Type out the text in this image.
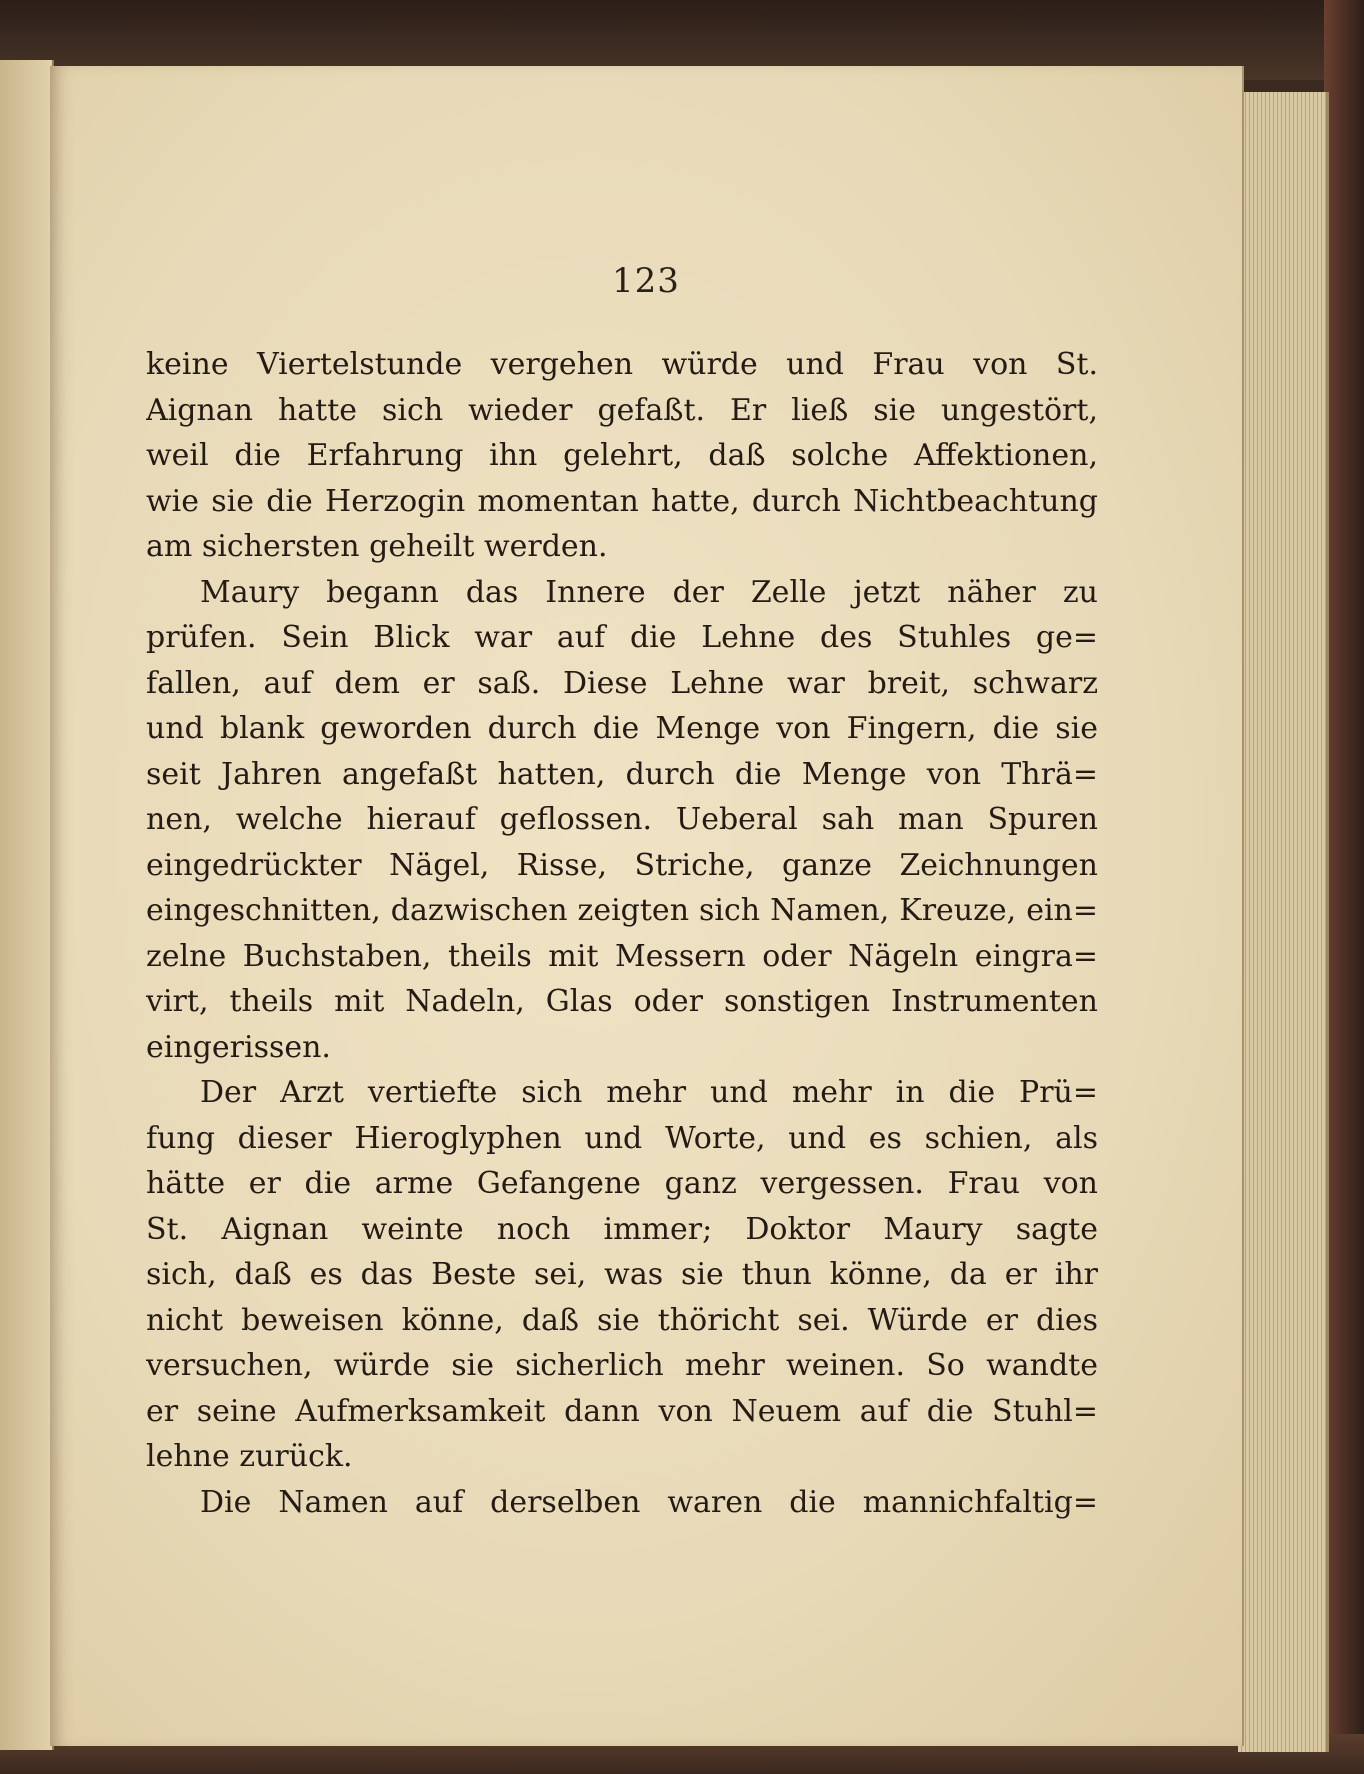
123
keine Viertelstunde vergehen würde und Frau von St.
Aignan hatte sich wieder gefaßt. Er ließ sie ungestört,
weil die Erfahrung ihn gelehrt, daß solche Affektionen,
wie sie die Herzogin momentan hatte, durch Nichtbeachtung
am sichersten geheilt werden.
Maury begann das Innere der Zelle jetzt näher zu
prüfen. Sein Blick war auf die Lehne des Stuhles ge=
fallen, auf dem er saß. Diese Lehne war breit, schwarz
und blank geworden durch die Menge von Fingern, die sie
seit Jahren angefaßt hatten, durch die Menge von Thrä=
nen, welche hierauf geflossen. Ueberal sah man Spuren
eingedrückter Nägel, Risse, Striche, ganze Zeichnungen
eingeschnitten, dazwischen zeigten sich Namen, Kreuze, ein=
zelne Buchstaben, theils mit Messern oder Nägeln eingra=
virt, theils mit Nadeln, Glas oder sonstigen Instrumenten
eingerissen.
Der Arzt vertiefte sich mehr und mehr in die Prü=
fung dieser Hieroglyphen und Worte, und es schien, als
hätte er die arme Gefangene ganz vergessen. Frau von
St. Aignan weinte noch immer; Doktor Maury sagte
sich, daß es das Beste sei, was sie thun könne, da er ihr
nicht beweisen könne, daß sie thöricht sei. Würde er dies
versuchen, würde sie sicherlich mehr weinen. So wandte
er seine Aufmerksamkeit dann von Neuem auf die Stuhl=
lehne zurück.
Die Namen auf derselben waren die mannichfaltig=
